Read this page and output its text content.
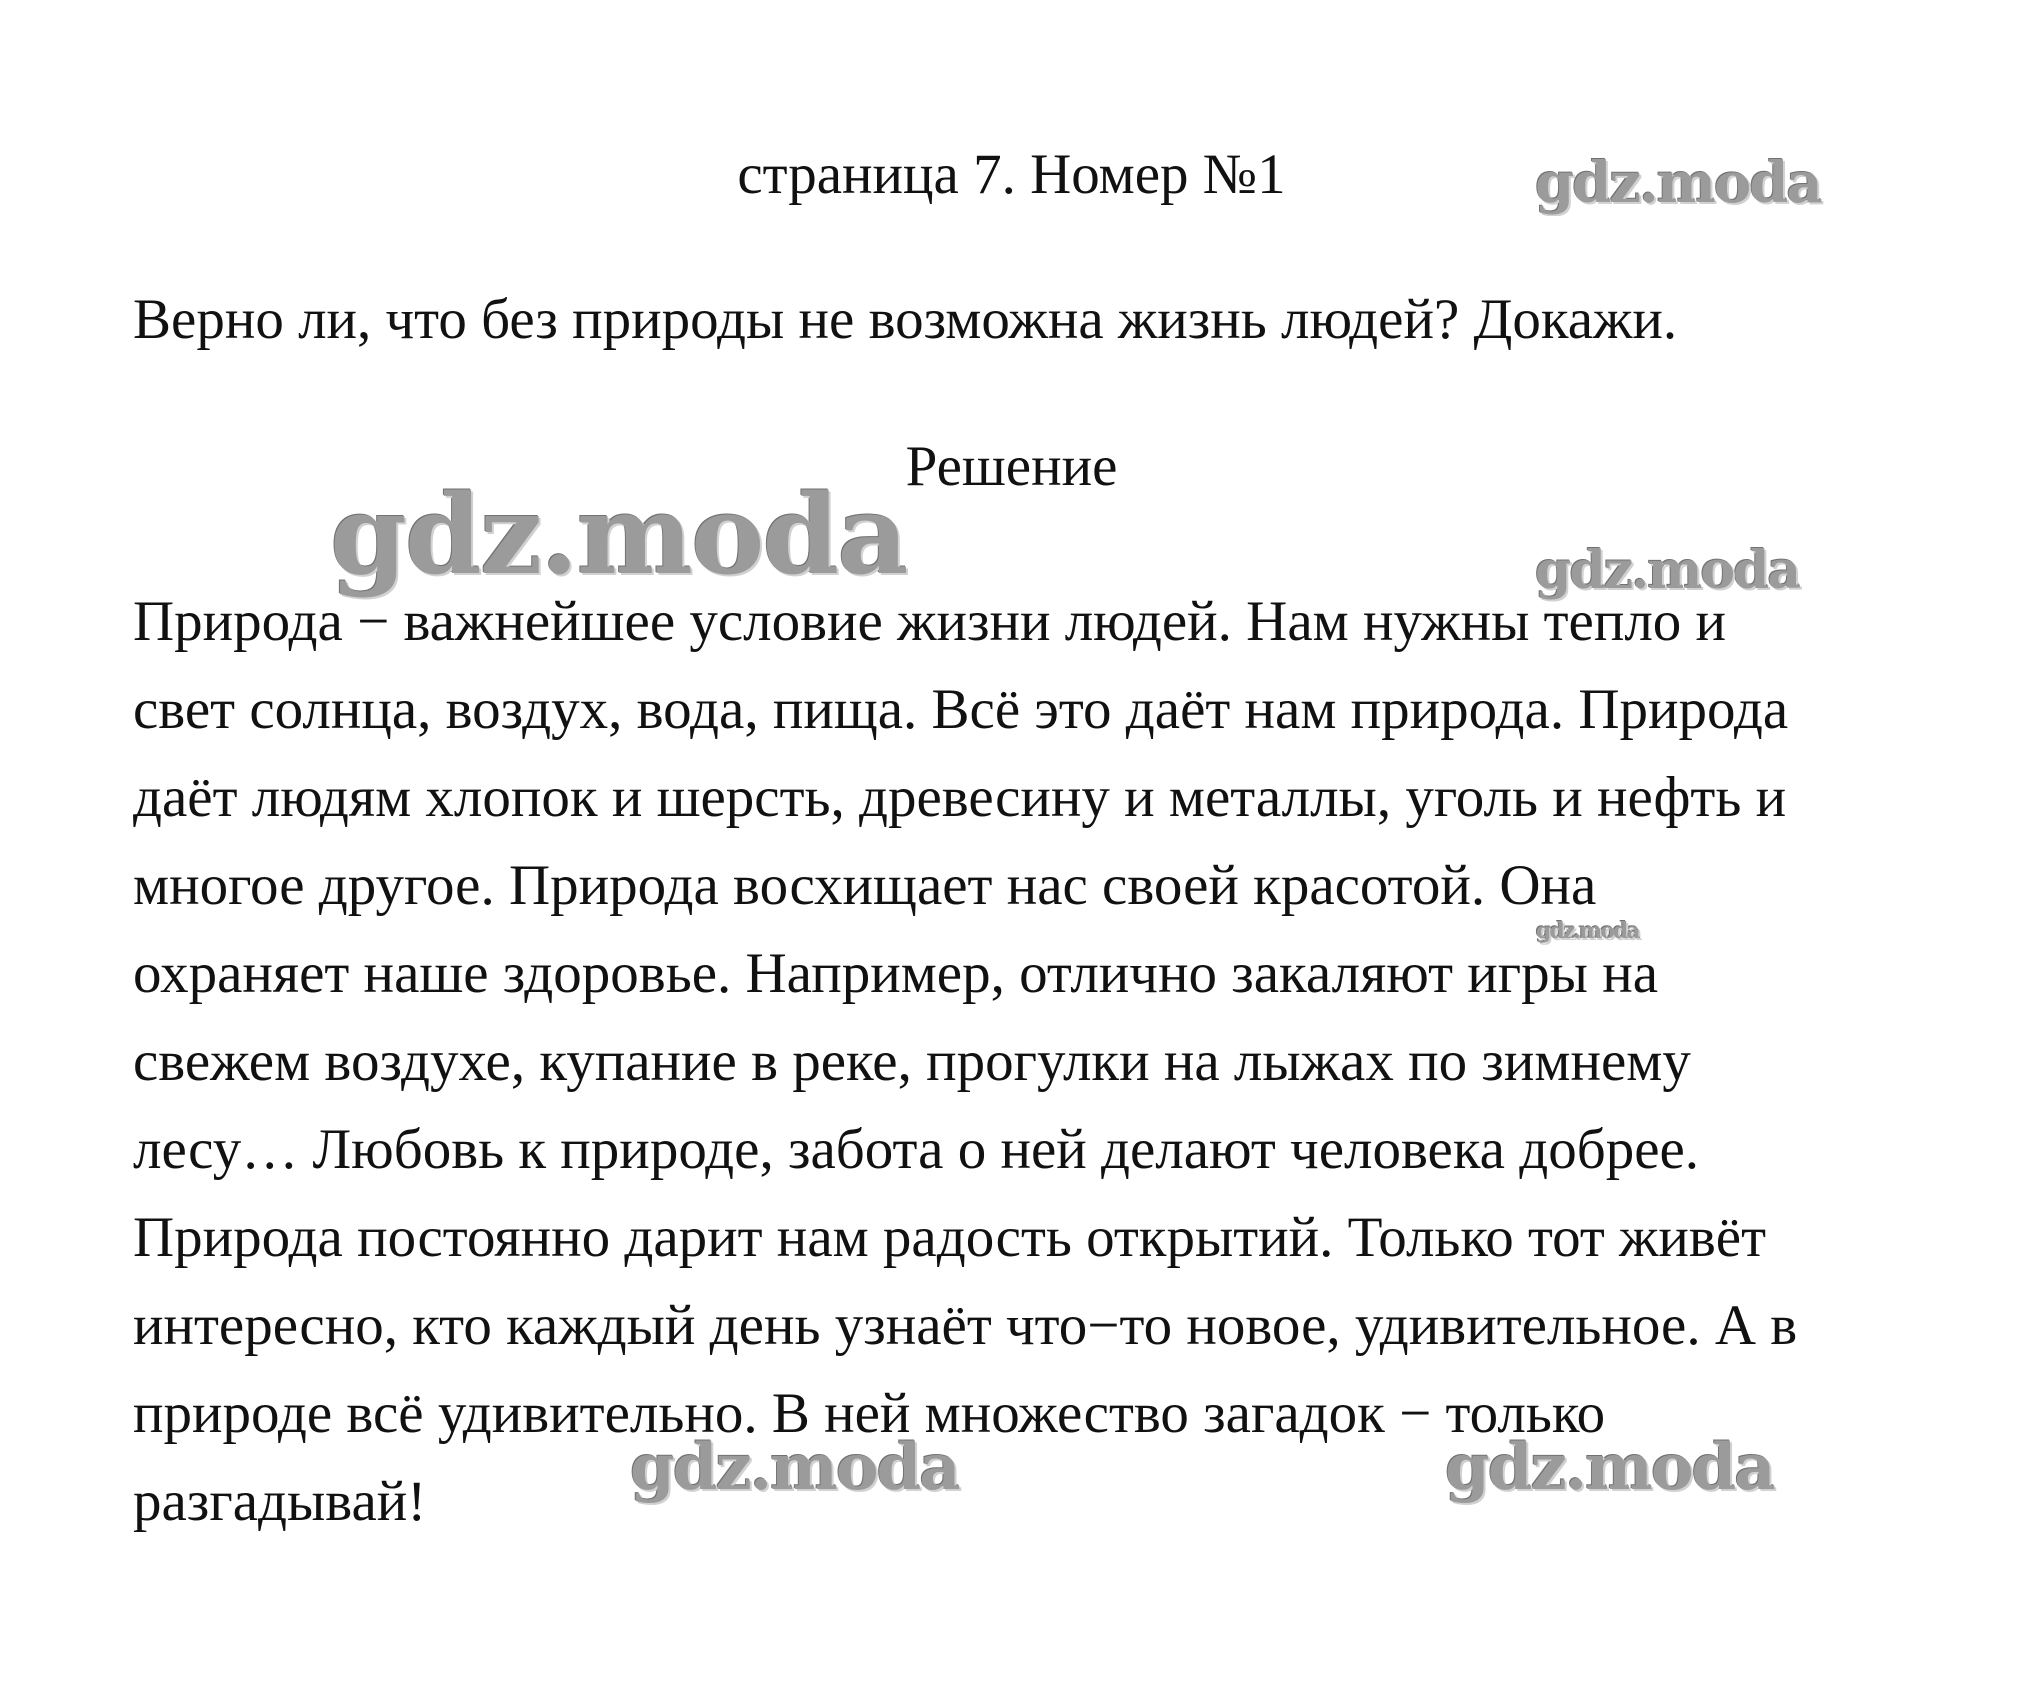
страница 7. Номер №1
Верно ли, что без природы не возможна жизнь людей? Докажи.
Решение
Природа − важнейшее условие жизни людей. Нам нужны тепло и
свет солнца, воздух, вода, пища. Всё это даёт нам природа. Природа
даёт людям хлопок и шерсть, древесину и металлы, уголь и нефть и
многое другое. Природа восхищает нас своей красотой. Она
охраняет наше здоровье. Например, отлично закаляют игры на
свежем воздухе, купание в реке, прогулки на лыжах по зимнему
лесу… Любовь к природе, забота о ней делают человека добрее.
Природа постоянно дарит нам радость открытий. Только тот живёт
интересно, кто каждый день узнаёт что−то новое, удивительное. А в
природе всё удивительно. В ней множество загадок − только
разгадывай!
gdz.moda
gdz.moda	gdz.moda
gdz.moda
gdz.moda	gdz.moda
